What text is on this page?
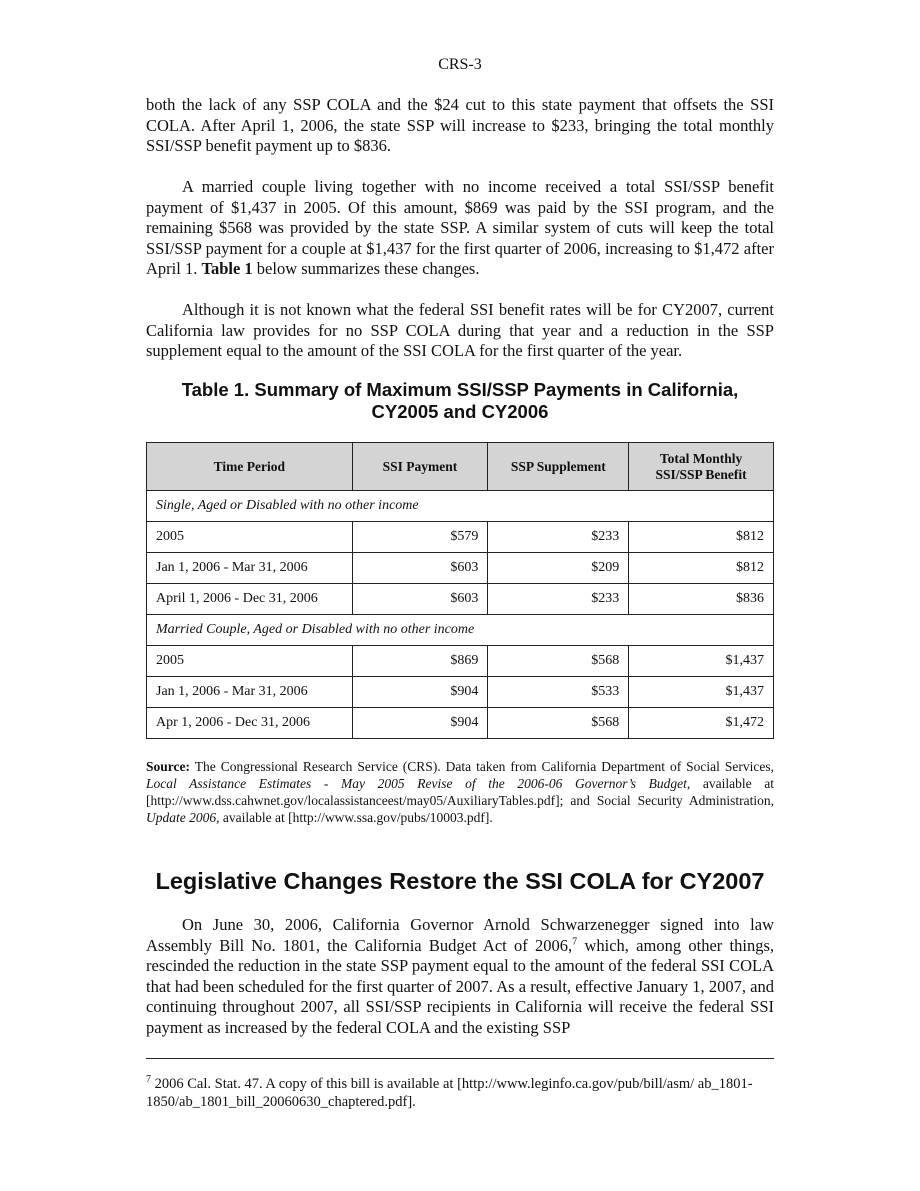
CRS-3

both the lack of any SSP COLA and the $24 cut to this state payment that offsets the SSI COLA. After April 1, 2006, the state SSP will increase to $233, bringing the total monthly SSI/SSP benefit payment up to $836.

A married couple living together with no income received a total SSI/SSP benefit payment of $1,437 in 2005. Of this amount, $869 was paid by the SSI program, and the remaining $568 was provided by the state SSP. A similar system of cuts will keep the total SSI/SSP payment for a couple at $1,437 for the first quarter of 2006, increasing to $1,472 after April 1. Table 1 below summarizes these changes.

Although it is not known what the federal SSI benefit rates will be for CY2007, current California law provides for no SSP COLA during that year and a reduction in the SSP supplement equal to the amount of the SSI COLA for the first quarter of the year.

Table 1. Summary of Maximum SSI/SSP Payments in California,
CY2005 and CY2006
Time Period	SSI Payment	SSP Supplement	Total Monthly
SSI/SSP Benefit

Single, Aged or Disabled with no other income			
2005	$579	$233	$812
Jan 1, 2006 - Mar 31, 2006	$603	$209	$812
April 1, 2006 - Dec 31, 2006	$603	$233	$836
Married Couple, Aged or Disabled with no other income			
2005	$869	$568	$1,437
Jan 1, 2006 - Mar 31, 2006	$904	$533	$1,437
Apr 1, 2006 - Dec 31, 2006	$904	$568	$1,472

Source: The Congressional Research Service (CRS). Data taken from California Department of Social Services, Local Assistance Estimates - May 2005 Revise of the 2006-06 Governor’s Budget, available at [http://www.dss.cahwnet.gov/localassistanceest/may05/AuxiliaryTables.pdf]; and Social Security Administration, Update 2006, available at [http://www.ssa.gov/pubs/10003.pdf].

Legislative Changes Restore the SSI COLA for CY2007

On June 30, 2006, California Governor Arnold Schwarzenegger signed into law Assembly Bill No. 1801, the California Budget Act of 2006,$^7$ which, among other things, rescinded the reduction in the state SSP payment equal to the amount of the federal SSI COLA that had been scheduled for the first quarter of 2007. As a result, effective January 1, 2007, and continuing throughout 2007, all SSI/SSP recipients in California will receive the federal SSI payment as increased by the federal COLA and the existing SSP

$^7$ 2006 Cal. Stat. 47. A copy of this bill is available at [http://www.leginfo.ca.gov/pub/bill/asm/ ab_1801-1850/ab_1801_bill_20060630_chaptered.pdf].
